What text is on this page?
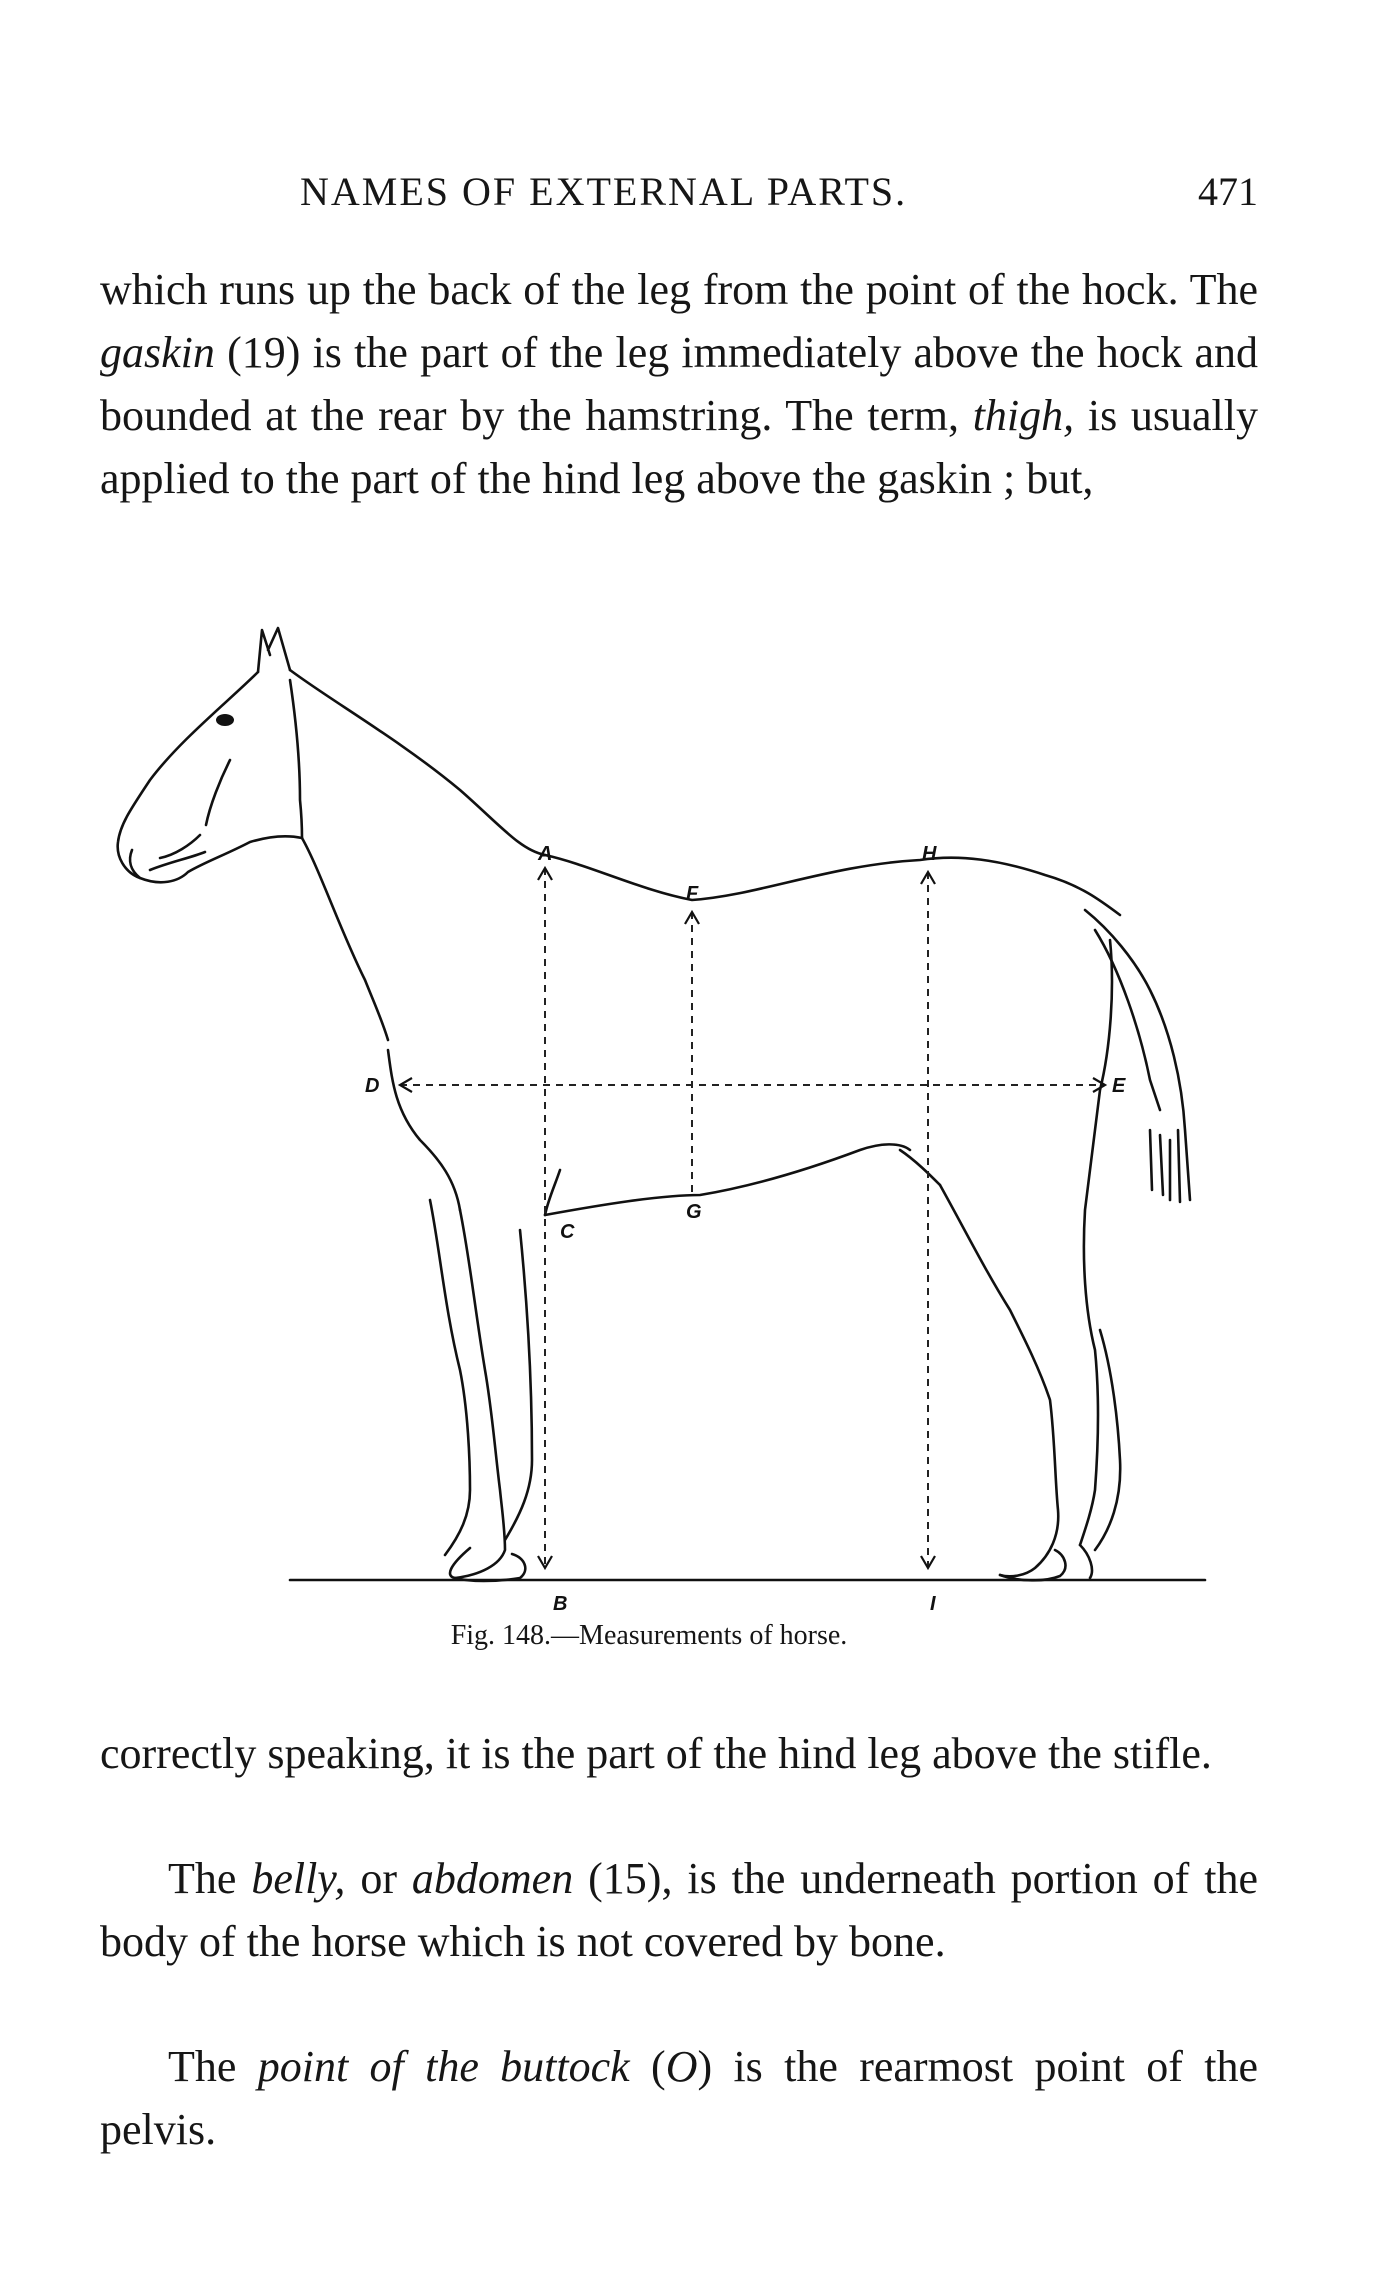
NAMES OF EXTERNAL PARTS.	471

which runs up the back of the leg from the point of the hock. The gaskin (19) is the part of the leg immediately above the hock and bounded at the rear by the hamstring. The term, thigh, is usually applied to the part of the hind leg above the gaskin ; but,

A
B
C
D	E
F
G
H
I
Fig. 148.—Measurements of horse.

correctly speaking, it is the part of the hind leg above the stifle.

The belly, or abdomen (15), is the underneath portion of the body of the horse which is not covered by bone.

The point of the buttock (O) is the rearmost point of the pelvis.
